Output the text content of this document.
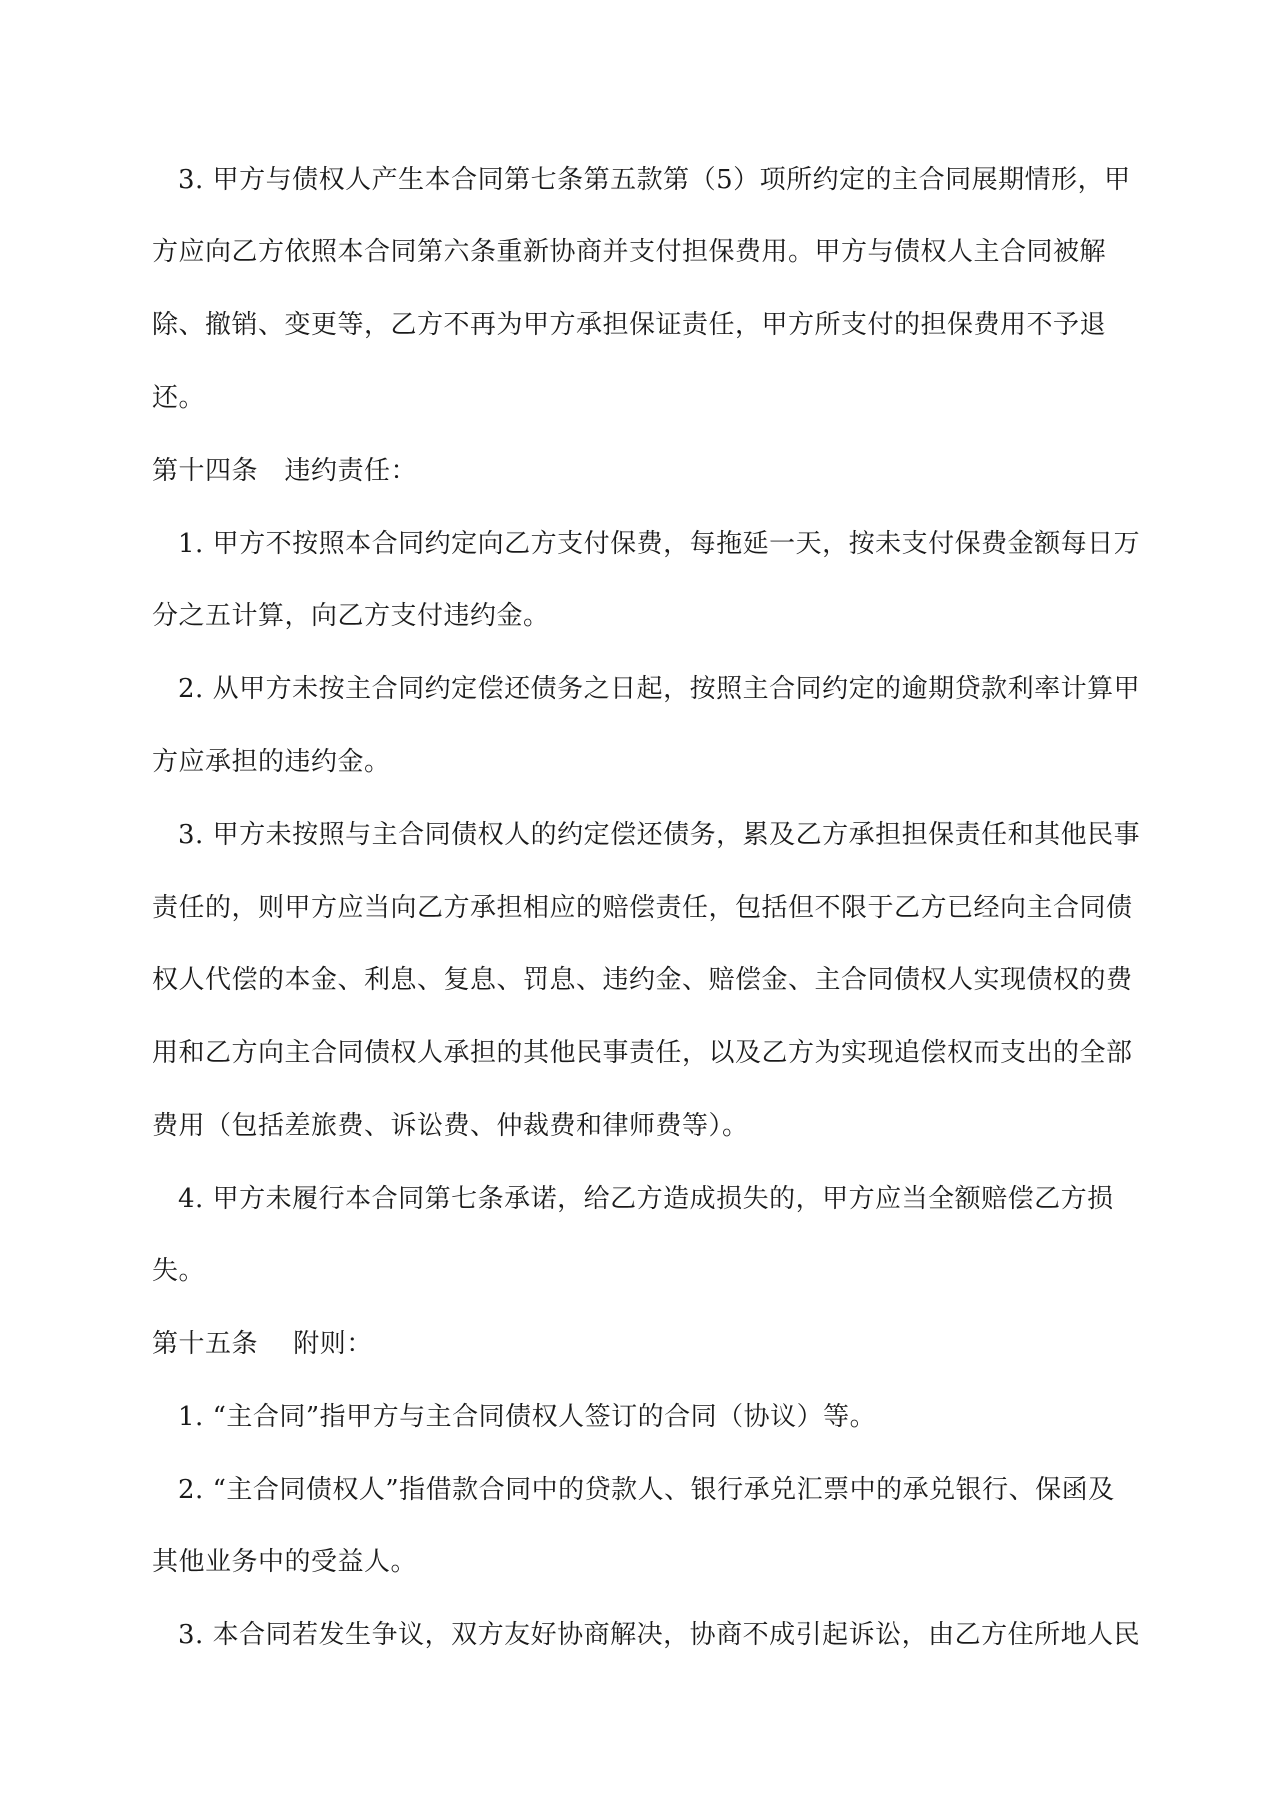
3. 甲方与债权人产生本合同第七条第五款第（5）项所约定的主合同展期情形，甲
方应向乙方依照本合同第六条重新协商并支付担保费用。甲方与债权人主合同被解
除、撤销、变更等，乙方不再为甲方承担保证责任，甲方所支付的担保费用不予退
还。
第十四条　违约责任：
1. 甲方不按照本合同约定向乙方支付保费，每拖延一天，按未支付保费金额每日万
分之五计算，向乙方支付违约金。
2. 从甲方未按主合同约定偿还债务之日起，按照主合同约定的逾期贷款利率计算甲
方应承担的违约金。
3. 甲方未按照与主合同债权人的约定偿还债务，累及乙方承担担保责任和其他民事
责任的，则甲方应当向乙方承担相应的赔偿责任，包括但不限于乙方已经向主合同债
权人代偿的本金、利息、复息、罚息、违约金、赔偿金、主合同债权人实现债权的费
用和乙方向主合同债权人承担的其他民事责任，以及乙方为实现追偿权而支出的全部
费用（包括差旅费、诉讼费、仲裁费和律师费等）。
4. 甲方未履行本合同第七条承诺，给乙方造成损失的，甲方应当全额赔偿乙方损
失。
第十五条　 附则：
1. “主合同”指甲方与主合同债权人签订的合同（协议）等。
2. “主合同债权人”指借款合同中的贷款人、银行承兑汇票中的承兑银行、保函及
其他业务中的受益人。
3. 本合同若发生争议，双方友好协商解决，协商不成引起诉讼，由乙方住所地人民
